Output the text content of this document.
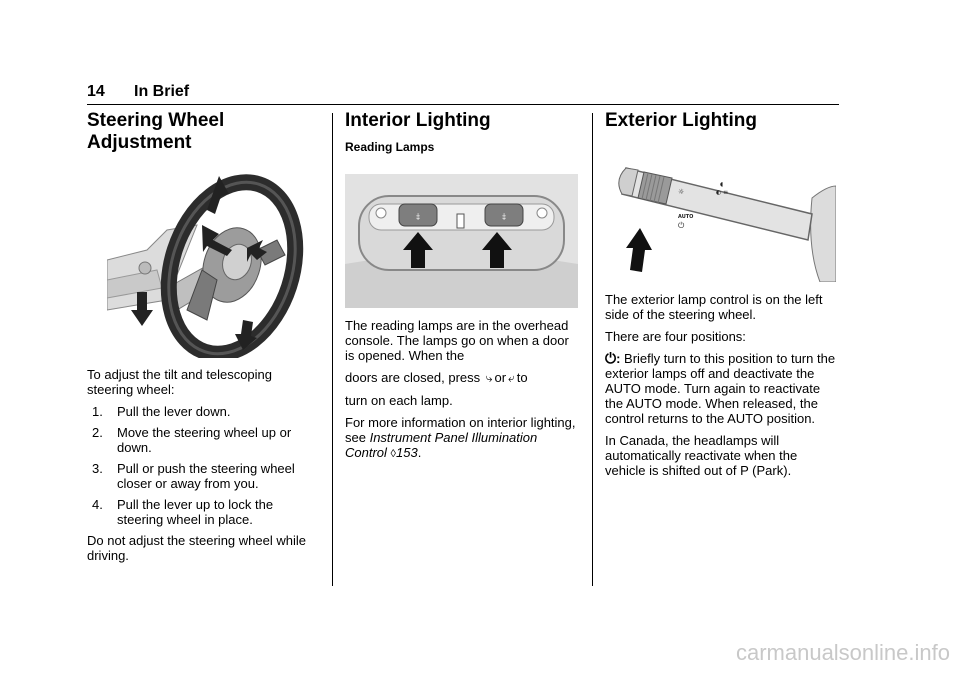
14 In Brief
Steering Wheel
Adjustment

To adjust the tilt and telescoping steering wheel:

1. Pull the lever down.
2. Move the steering wheel up or down.
3. Pull or push the steering wheel closer or away from you.
4. Pull the lever up to lock the steering wheel in place.

Do not adjust the steering wheel while driving.

Interior Lighting
Reading Lamps
⤈	⤈

The reading lamps are in the overhead console. The lamps go on when a door is opened. When the

doors are closed, press ⤷ or ⤶ to

turn on each lamp.

For more information on interior lighting, see Instrument Panel Illumination Control ◊153.

Exterior Lighting
☼
AUTO
⏻
◐ ≡
◖

The exterior lamp control is on the left side of the steering wheel.

There are four positions:

⏻: Briefly turn to this position to turn the exterior lamps off and deactivate the AUTO mode. Turn again to reactivate the AUTO mode. When released, the control returns to the AUTO position.

In Canada, the headlamps will automatically reactivate when the vehicle is shifted out of P (Park).

carmanualsonline.info
